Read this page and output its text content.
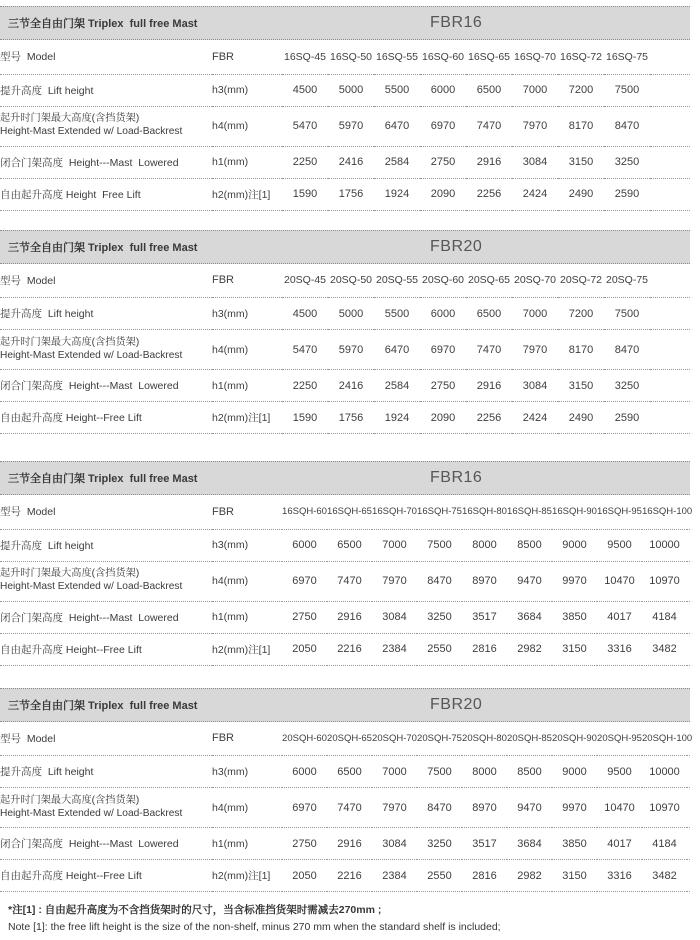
三节全自由门架 Triplex  full free Mast	FBR16
型号  Model	FBR	16SQ-45	16SQ-50	16SQ-55	16SQ-60	16SQ-65	16SQ-70	16SQ-72	16SQ-75	

提升高度  Lift height	h3(mm)	4500	5000	5500	6000	6500	7000	7200	7500	

起升时门架最大高度(含挡货架)
Height-Mast Extended w/ Load-Backrest	h4(mm)	5470	5970	6470	6970	7470	7970	8170	8470	

闭合门架高度  Height---Mast  Lowered	h1(mm)	2250	2416	2584	2750	2916	3084	3150	3250	

自由起升高度 Height  Free Lift	h2(mm)注[1]	1590	1756	1924	2090	2256	2424	2490	2590	
三节全自由门架 Triplex  full free Mast	FBR20
型号  Model	FBR	20SQ-45	20SQ-50	20SQ-55	20SQ-60	20SQ-65	20SQ-70	20SQ-72	20SQ-75	

提升高度  Lift height	h3(mm)	4500	5000	5500	6000	6500	7000	7200	7500	

起升时门架最大高度(含挡货架)
Height-Mast Extended w/ Load-Backrest	h4(mm)	5470	5970	6470	6970	7470	7970	8170	8470	

闭合门架高度  Height---Mast  Lowered	h1(mm)	2250	2416	2584	2750	2916	3084	3150	3250	

自由起升高度 Height--Free Lift	h2(mm)注[1]	1590	1756	1924	2090	2256	2424	2490	2590	
三节全自由门架 Triplex  full free Mast	FBR16
型号  Model	FBR	16SQH-60	16SQH-65	16SQH-70	16SQH-75	16SQH-80	16SQH-85	16SQH-90	16SQH-95	16SQH-100	

提升高度  Lift height	h3(mm)	6000	6500	7000	7500	8000	8500	9000	9500	10000	

起升时门架最大高度(含挡货架)
Height-Mast Extended w/ Load-Backrest	h4(mm)	6970	7470	7970	8470	8970	9470	9970	10470	10970	

闭合门架高度  Height---Mast  Lowered	h1(mm)	2750	2916	3084	3250	3517	3684	3850	4017	4184	

自由起升高度 Height--Free Lift	h2(mm)注[1]	2050	2216	2384	2550	2816	2982	3150	3316	3482	
三节全自由门架 Triplex  full free Mast	FBR20
型号  Model	FBR	20SQH-60	20SQH-65	20SQH-70	20SQH-75	20SQH-80	20SQH-85	20SQH-90	20SQH-95	20SQH-100	

提升高度  Lift height	h3(mm)	6000	6500	7000	7500	8000	8500	9000	9500	10000	

起升时门架最大高度(含挡货架)
Height-Mast Extended w/ Load-Backrest	h4(mm)	6970	7470	7970	8470	8970	9470	9970	10470	10970	

闭合门架高度  Height---Mast  Lowered	h1(mm)	2750	2916	3084	3250	3517	3684	3850	4017	4184	

自由起升高度 Height--Free Lift	h2(mm)注[1]	2050	2216	2384	2550	2816	2982	3150	3316	3482	
*注[1] : 自由起升高度为不含挡货架时的尺寸，当含标准挡货架时需减去270mm ;
Note [1]: the free lift height is the size of the non-shelf, minus 270 mm when the standard shelf is included;
